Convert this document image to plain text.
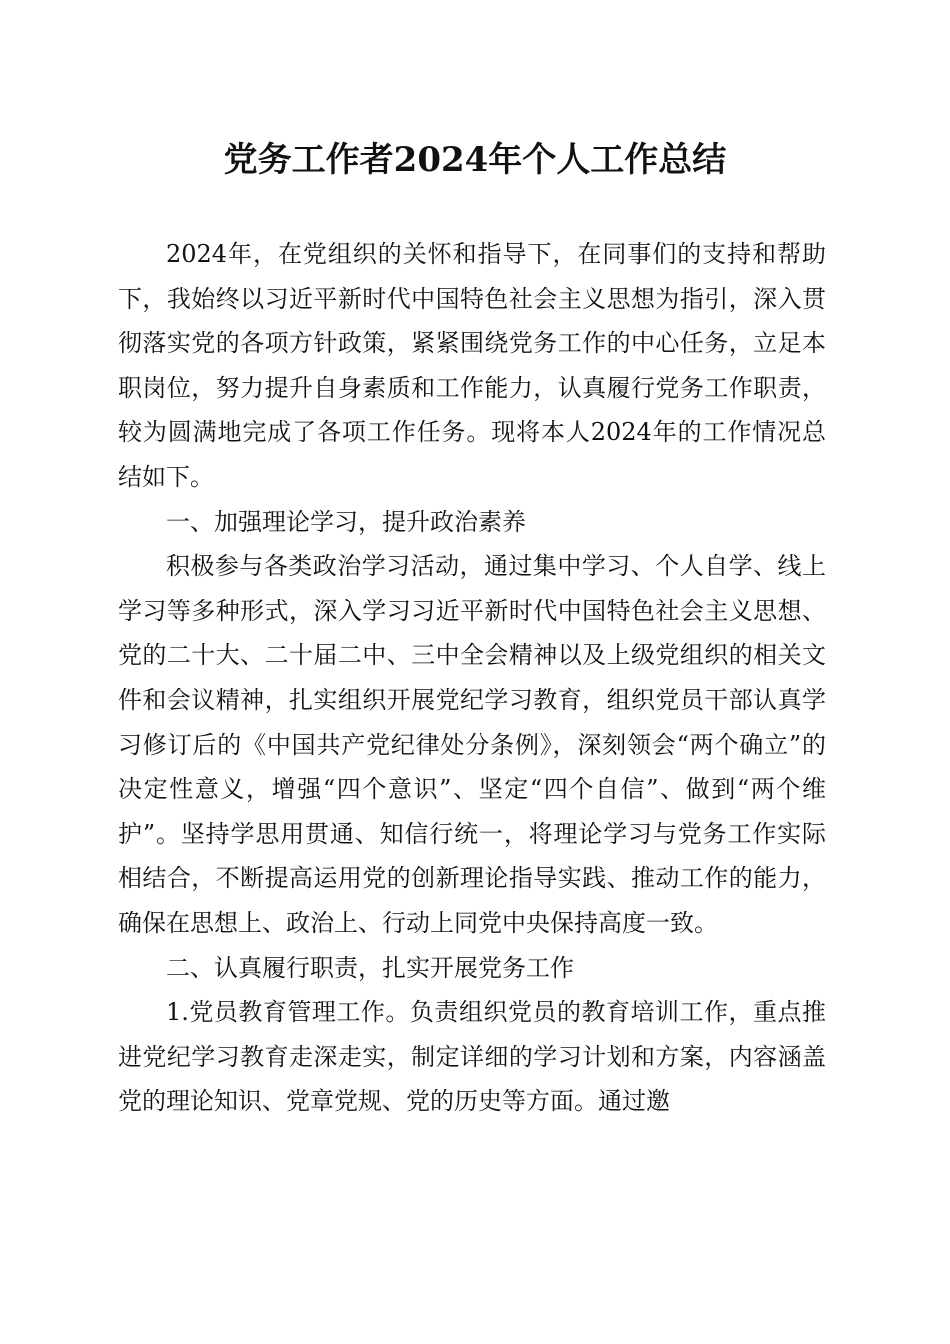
党务工作者2024年个人工作总结

2024年，在党组织的关怀和指导下，在同事们的支持和帮助下，我始终以习近平新时代中国特色社会主义思想为指引，深入贯彻落实党的各项方针政策，紧紧围绕党务工作的中心任务，立足本职岗位，努力提升自身素质和工作能力，认真履行党务工作职责，较为圆满地完成了各项工作任务。现将本人2024年的工作情况总结如下。

一、加强理论学习，提升政治素养

积极参与各类政治学习活动，通过集中学习、个人自学、线上学习等多种形式，深入学习习近平新时代中国特色社会主义思想、党的二十大、二十届二中、三中全会精神以及上级党组织的相关文件和会议精神，扎实组织开展党纪学习教育，组织党员干部认真学习修订后的《中国共产党纪律处分条例》，深刻领会“两个确立”的决定性意义，增强“四个意识”、坚定“四个自信”、做到“两个维护”。坚持学思用贯通、知信行统一，将理论学习与党务工作实际相结合，不断提高运用党的创新理论指导实践、推动工作的能力，确保在思想上、政治上、行动上同党中央保持高度一致。

二、认真履行职责，扎实开展党务工作

1.党员教育管理工作。负责组织党员的教育培训工作，重点推进党纪学习教育走深走实，制定详细的学习计划和方案，内容涵盖党的理论知识、党章党规、党的历史等方面。通过邀
